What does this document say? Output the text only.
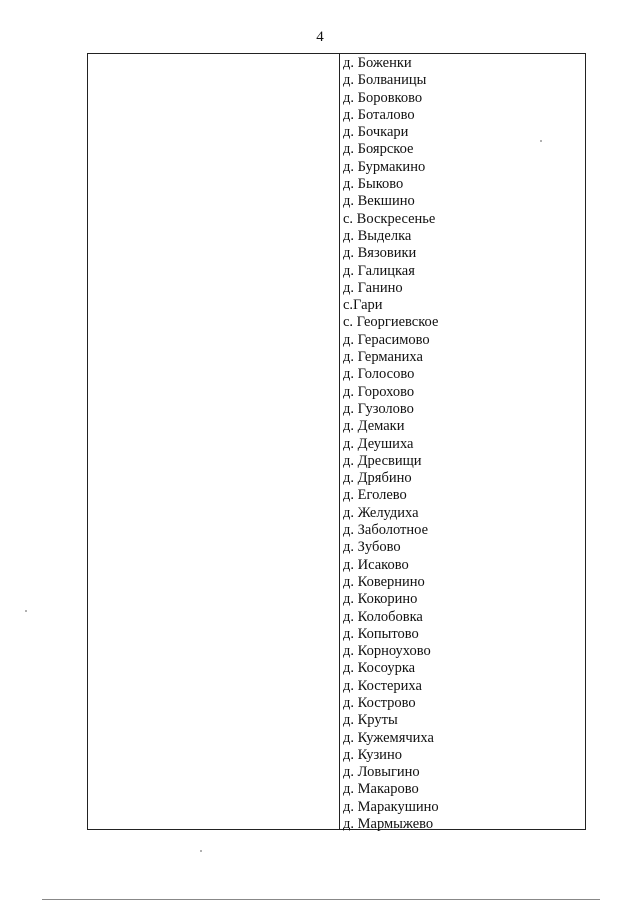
4
д. Боженки
д. Болваницы
д. Боровково
д. Боталово
д. Бочкари
д. Боярское
д. Бурмакино
д. Быково
д. Векшино
с. Воскресенье
д. Выделка
д. Вязовики
д. Галицкая
д. Ганино
с.Гари
с. Георгиевское
д. Герасимово
д. Германиха
д. Голосово
д. Горохово
д. Гузолово
д. Демаки
д. Деушиха
д. Дресвищи
д. Дрябино
д. Еголево
д. Желудиха
д. Заболотное
д. Зубово
д. Исаково
д. Ковернино
д. Кокорино
д. Колобовка
д. Копытово
д. Корноухово
д. Косоурка
д. Костериха
д. Кострово
д. Круты
д. Кужемячиха
д. Кузино
д. Ловыгино
д. Макарово
д. Маракушино
д. Мармыжево
